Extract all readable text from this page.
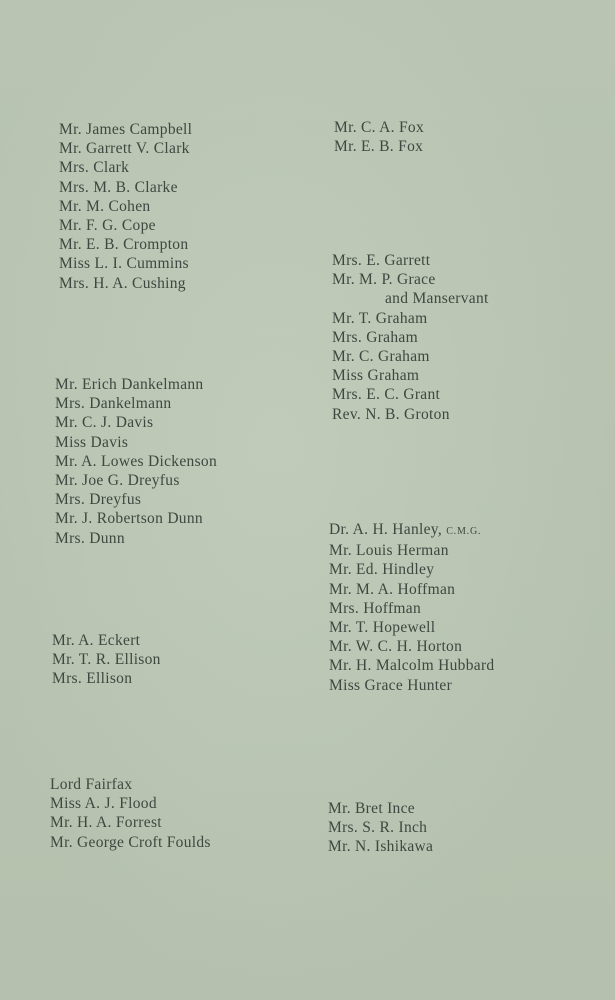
Mr. James Campbell
Mr. Garrett V. Clark
Mrs. Clark
Mrs. M. B. Clarke
Mr. M. Cohen
Mr. F. G. Cope
Mr. E. B. Crompton
Miss L. I. Cummins
Mrs. H. A. Cushing
Mr. Erich Dankelmann
Mrs. Dankelmann
Mr. C. J. Davis
Miss Davis
Mr. A. Lowes Dickenson
Mr. Joe G. Dreyfus
Mrs. Dreyfus
Mr. J. Robertson Dunn
Mrs. Dunn
Mr. A. Eckert
Mr. T. R. Ellison
Mrs. Ellison
Lord Fairfax
Miss A. J. Flood
Mr. H. A. Forrest
Mr. George Croft Foulds
Mr. C. A. Fox
Mr. E. B. Fox
Mrs. E. Garrett
Mr. M. P. Grace
and Manservant
Mr. T. Graham
Mrs. Graham
Mr. C. Graham
Miss Graham
Mrs. E. C. Grant
Rev. N. B. Groton
Dr. A. H. Hanley, C.M.G.
Mr. Louis Herman
Mr. Ed. Hindley
Mr. M. A. Hoffman
Mrs. Hoffman
Mr. T. Hopewell
Mr. W. C. H. Horton
Mr. H. Malcolm Hubbard
Miss Grace Hunter
Mr. Bret Ince
Mrs. S. R. Inch
Mr. N. Ishikawa
